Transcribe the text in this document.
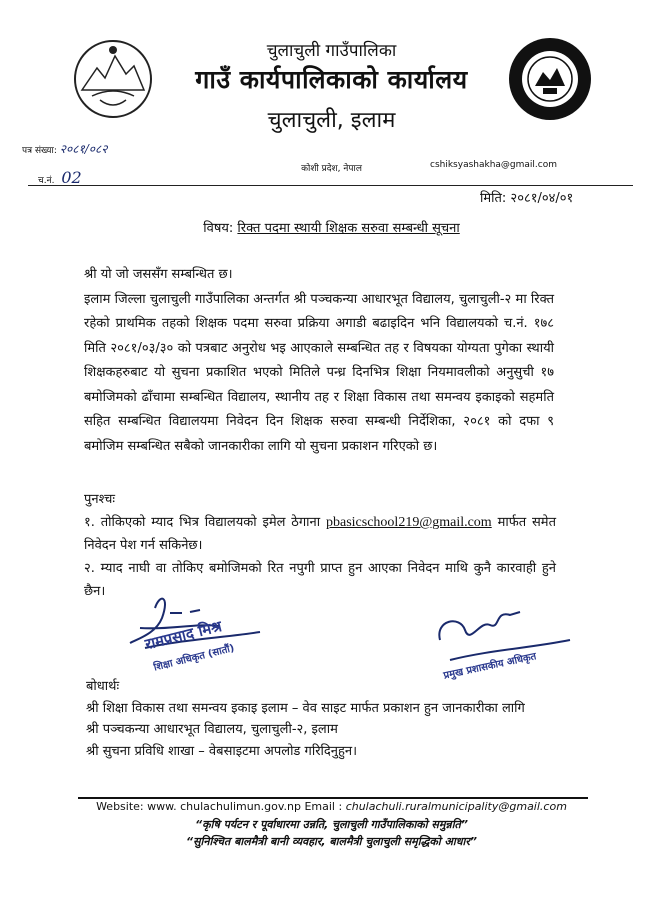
चुलाचुली गाउँपालिका
गाउँ कार्यपालिकाको कार्यालय
चुलाचुली, इलाम
कोशी प्रदेश, नेपाल
पत्र संख्या: २०८१/०८२
च.नं. 02
cshiksyashakha@gmail.com
मिति: २०८१/०४/०१
विषय: रिक्त पदमा स्थायी शिक्षक सरुवा सम्बन्धी सूचना

श्री यो जो जससँग सम्बन्धित छ।

इलाम जिल्ला चुलाचुली गाउँपालिका अन्तर्गत श्री पञ्चकन्या आधारभूत विद्यालय, चुलाचुली-२ मा रिक्त रहेको प्राथमिक तहको शिक्षक पदमा सरुवा प्रक्रिया अगाडी बढाइदिन भनि विद्यालयको च.नं. १७८ मिति २०८१/०३/३० को पत्रबाट अनुरोध भइ आएकाले सम्बन्धित तह र विषयका योग्यता पुगेका स्थायी शिक्षकहरुबाट यो सुचना प्रकाशित भएको मितिले पन्ध्र दिनभित्र शिक्षा नियमावलीको अनुसुची १७ बमोजिमको ढाँचामा सम्बन्धित विद्यालय, स्थानीय तह र शिक्षा विकास तथा समन्वय इकाइको सहमति सहित सम्बन्धित विद्यालयमा निवेदन दिन शिक्षक सरुवा सम्बन्धी निर्देशिका, २०८१ को दफा ९ बमोजिम सम्बन्धित सबैको जानकारीका लागि यो सुचना प्रकाशन गरिएको छ।

पुनश्चः

१. तोकिएको म्याद भित्र विद्यालयको इमेल ठेगाना pbasicschool219@gmail.com मार्फत समेत निवेदन पेश गर्न सकिनेछ।

२. म्याद नाघी वा तोकिए बमोजिमको रित नपुगी प्राप्त हुन आएका निवेदन माथि कुनै कारवाही हुने छैन।

रामप्रसाद मिश्र
शिक्षा अधिकृत (सातौं)	प्रमुख प्रशासकीय अधिकृत

बोधार्थः

श्री शिक्षा विकास तथा समन्वय इकाइ इलाम – वेव साइट मार्फत प्रकाशन हुन जानकारीका लागि

श्री पञ्चकन्या आधारभूत विद्यालय, चुलाचुली-२, इलाम

श्री सुचना प्रविधि शाखा – वेबसाइटमा अपलोड गरिदिनुहुन।

Website: www. chulachulimun.gov.np Email : chulachuli.ruralmunicipality@gmail.com
“कृषि पर्यटन र पूर्वाधारमा उन्नति, चुलाचुली गाउँपालिकाको समुन्नति”
“सुनिश्चित बालमैत्री बानी व्यवहार, बालमैत्री चुलाचुली समृद्धिको आधार”
